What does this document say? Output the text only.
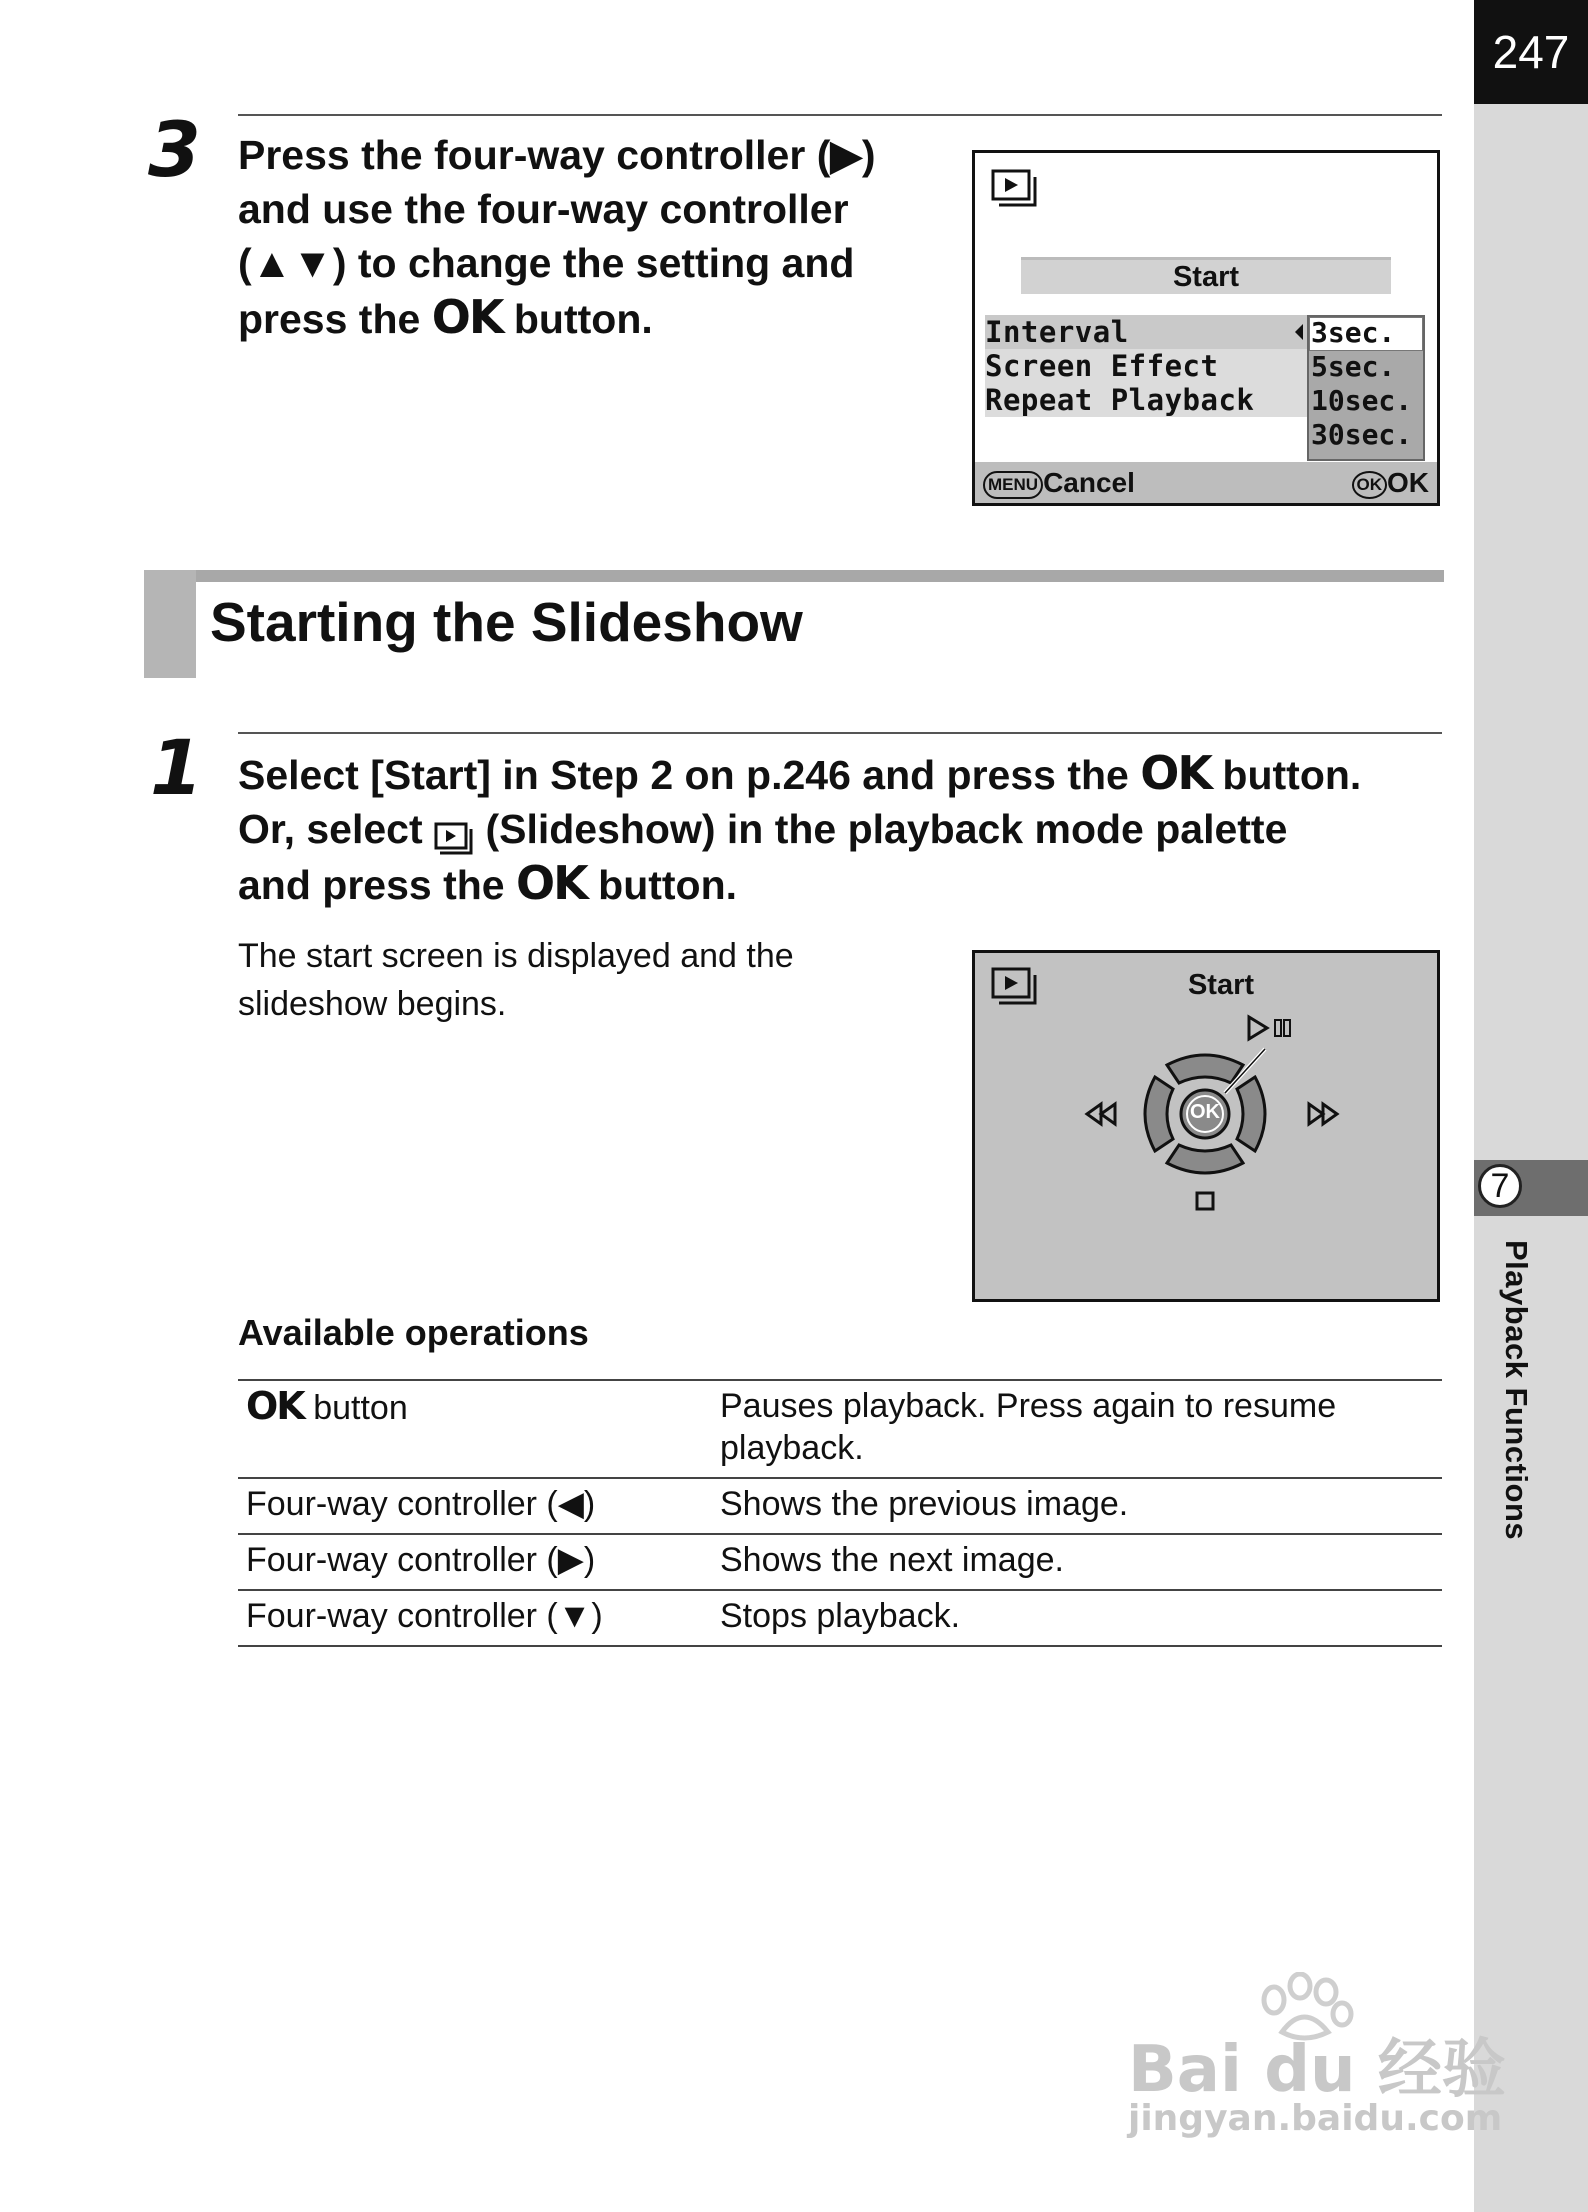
247
7
Playback Functions
3 Press the four-way controller (▶)
and use the four-way controller
(▲▼) to change the setting and
press the OK button.
Start
Interval
Screen Effect
Repeat Playback
3sec.
5sec.
10sec.
30sec.
MENU Cancel	OK OK
Starting the Slideshow
1 Select [Start] in Step 2 on p.246 and press the OK button.
Or, select (Slideshow) in the playback mode palette
and press the OK button.
The start screen is displayed and the
slideshow begins.	Start
OK
Available operations
OK button	Pauses playback. Press again to resume playback.
Four-way controller (◀)	Shows the previous image.
Four-way controller (▶)	Shows the next image.
Four-way controller (▼)	Stops playback.
Bai du 经验
jingyan.baidu.com
